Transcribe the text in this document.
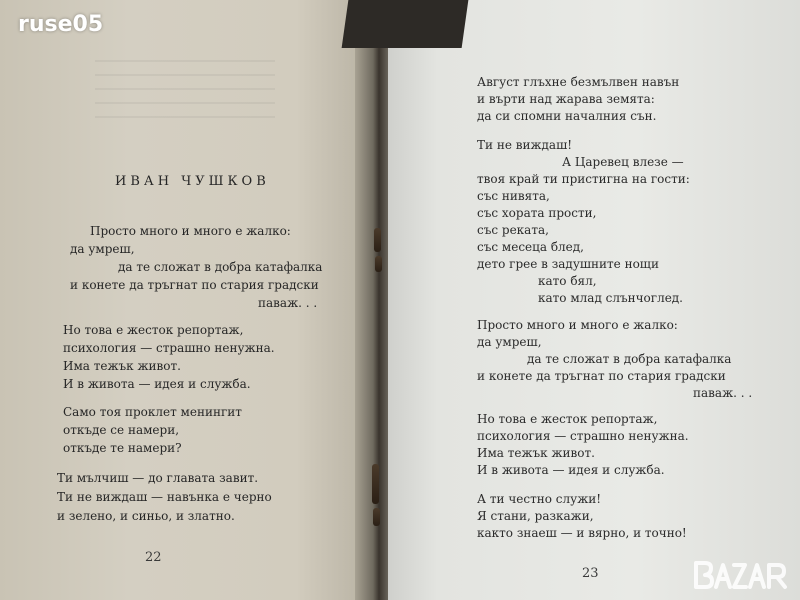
ИВАН ЧУШКОВ
Просто много и много е жалко:
да умреш,
да те сложат в добра катафалка
и конете да тръгнат по стария градски
паваж. . .
Но това е жесток репортаж,
психология — страшно ненужна.
Има тежък живот.
И в живота — идея и служба.
Само тоя проклет менингит
откъде се намери,
откъде те намери?
Ти мълчиш — до главата завит.
Ти не виждаш — навънка е черно
и зелено, и синьо, и златно.
22
Август глъхне безмълвен навън
и върти над жарава земята:
да си спомни началния сън.
Ти не виждаш!
А Царевец влезе —
твоя край ти пристигна на гости:
със нивята,
със хората прости,
със реката,
със месеца блед,
дето грее в задушните нощи
като бял,
като млад слънчоглед.
Просто много и много е жалко:
да умреш,
да те сложат в добра катафалка
и конете да тръгнат по стария градски
паваж. . .
Но това е жесток репортаж,
психология — страшно ненужна.
Има тежък живот.
И в живота — идея и служба.
А ти честно служи!
Я стани, разкажи,
както знаеш — и вярно, и точно!
23
ruse05
